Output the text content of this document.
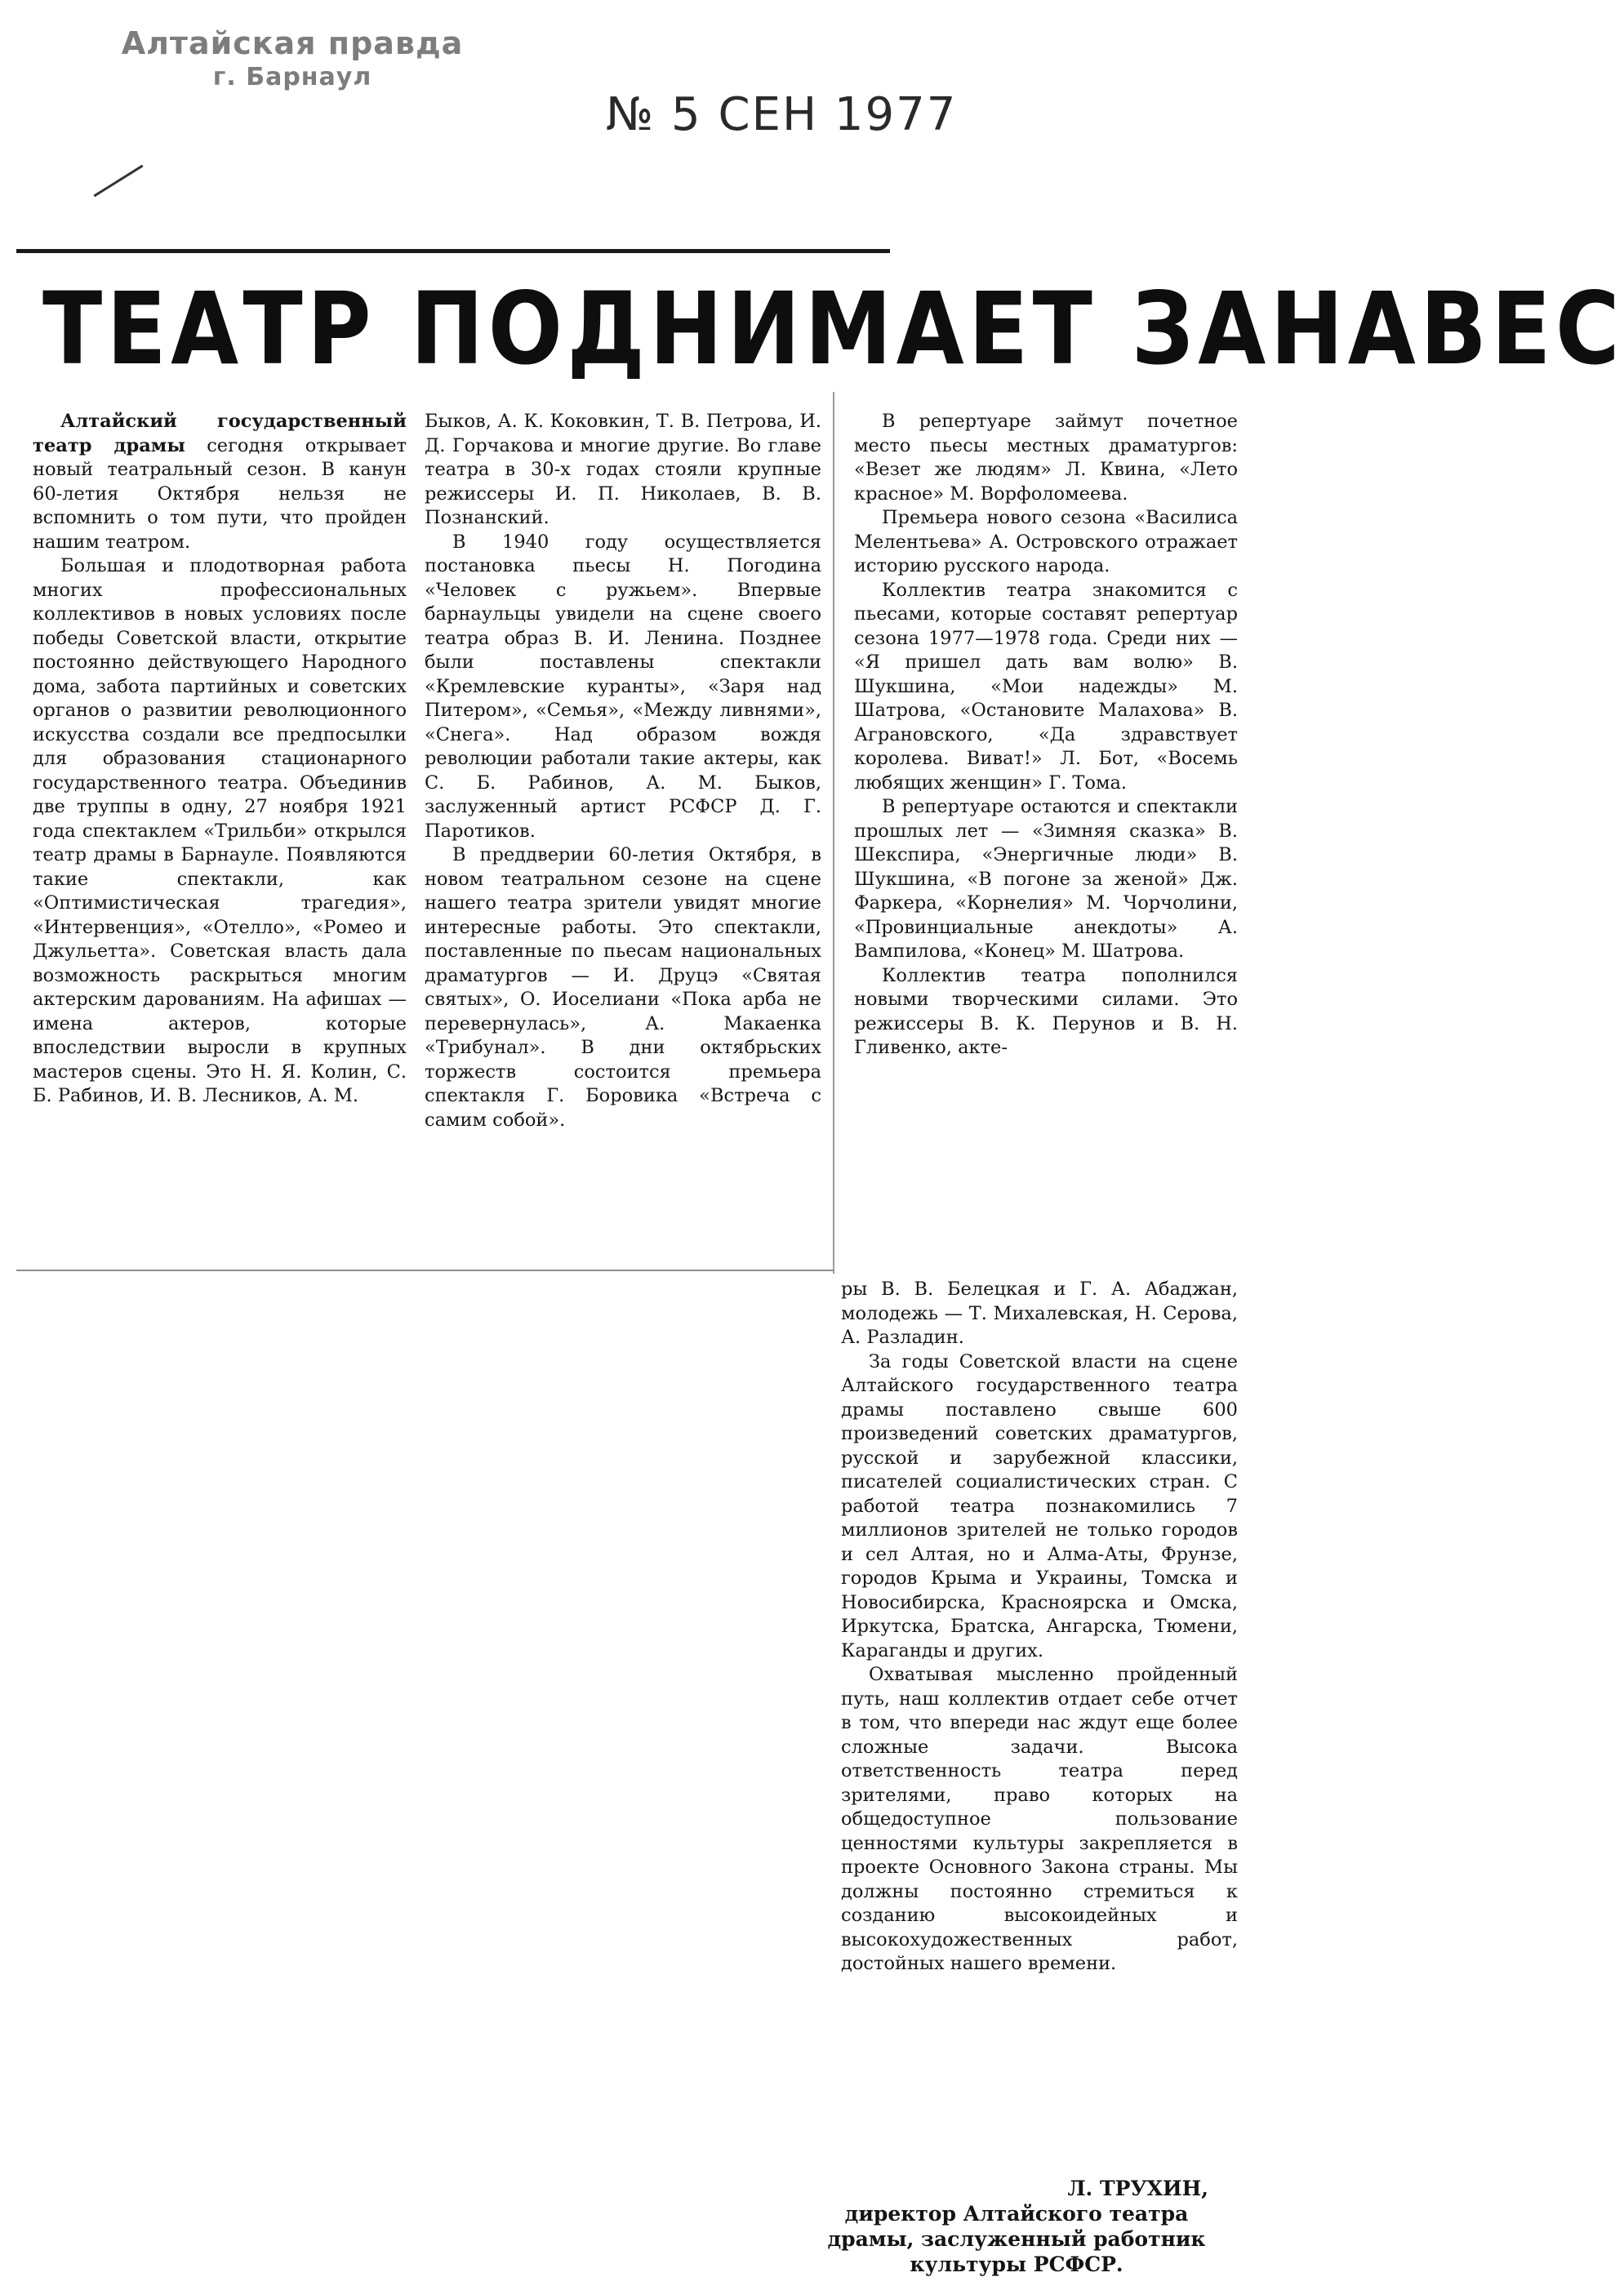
Алтайская правда
г. Барнаул
№ 5 СЕН 1977
ТЕАТР ПОДНИМАЕТ ЗАНАВЕС

Алтайский государственный театр драмы сегодня открывает новый театральный сезон. В канун 60-летия Октября нельзя не вспомнить о том пути, что пройден нашим театром.

Большая и плодотворная работа многих профессиональных коллективов в новых условиях после победы Советской власти, открытие постоянно действующего Народного дома, забота партийных и советских органов о развитии революционного искусства создали все предпосылки для образования стационарного государственного театра. Объединив две труппы в одну, 27 ноября 1921 года спектаклем «Трильби» открылся театр драмы в Барнауле. Появляются такие спектакли, как «Оптимистическая трагедия», «Интервенция», «Отелло», «Ромео и Джульетта». Советская власть дала возможность раскрыться многим актерским дарованиям. На афишах — имена актеров, которые впоследствии выросли в крупных мастеров сцены. Это Н. Я. Колин, С. Б. Рабинов, И. В. Лесников, А. М.

Быков, А. К. Коковкин, Т. В. Петрова, И. Д. Горчакова и многие другие. Во главе театра в 30-х годах стояли крупные режиссеры И. П. Николаев, В. В. Познанский.

В 1940 году осуществляется постановка пьесы Н. Погодина «Человек с ружьем». Впервые барнаульцы увидели на сцене своего театра образ В. И. Ленина. Позднее были поставлены спектакли «Кремлевские куранты», «Заря над Питером», «Семья», «Между ливнями», «Снега». Над образом вождя революции работали такие актеры, как С. Б. Рабинов, А. М. Быков, заслуженный артист РСФСР Д. Г. Паротиков.

В преддверии 60-летия Октября, в новом театральном сезоне на сцене нашего театра зрители увидят многие интересные работы. Это спектакли, поставленные по пьесам национальных драматургов — И. Друцэ «Святая святых», О. Иоселиани «Пока арба не перевернулась», А. Макаенка «Трибунал». В дни октябрьских торжеств состоится премьера спектакля Г. Боровика «Встреча с самим собой».

В репертуаре займут почетное место пьесы местных драматургов: «Везет же людям» Л. Квина, «Лето красное» М. Ворфоломеева.

Премьера нового сезона «Василиса Мелентьева» А. Островского отражает историю русского народа.

Коллектив театра знакомится с пьесами, которые составят репертуар сезона 1977—1978 года. Среди них — «Я пришел дать вам волю» В. Шукшина, «Мои надежды» М. Шатрова, «Остановите Малахова» В. Аграновского, «Да здравствует королева. Виват!» Л. Бот, «Восемь любящих женщин» Г. Тома.

В репертуаре остаются и спектакли прошлых лет — «Зимняя сказка» В. Шекспира, «Энергичные люди» В. Шукшина, «В погоне за женой» Дж. Фаркера, «Корнелия» М. Чорчолини, «Провинциальные анекдоты» А. Вампилова, «Конец» М. Шатрова.

Коллектив театра пополнился новыми творческими силами. Это режиссеры В. К. Перунов и В. Н. Гливенко, акте-

ры В. В. Белецкая и Г. А. Абаджан, молодежь — Т. Михалевская, Н. Серова, А. Разладин.

За годы Советской власти на сцене Алтайского государственного театра драмы поставлено свыше 600 произведений советских драматургов, русской и зарубежной классики, писателей социалистических стран. С работой театра познакомились 7 миллионов зрителей не только городов и сел Алтая, но и Алма-Аты, Фрунзе, городов Крыма и Украины, Томска и Новосибирска, Красноярска и Омска, Иркутска, Братска, Ангарска, Тюмени, Караганды и других.

Охватывая мысленно пройденный путь, наш коллектив отдает себе отчет в том, что впереди нас ждут еще более сложные задачи. Высока ответственность театра перед зрителями, право которых на общедоступное пользование ценностями культуры закрепляется в проекте Основного Закона страны. Мы должны постоянно стремиться к созданию высокоидейных и высокохудожественных работ, достойных нашего времени.

Л. ТРУХИН,
директор Алтайского театра драмы, заслуженный работник культуры РСФСР.
